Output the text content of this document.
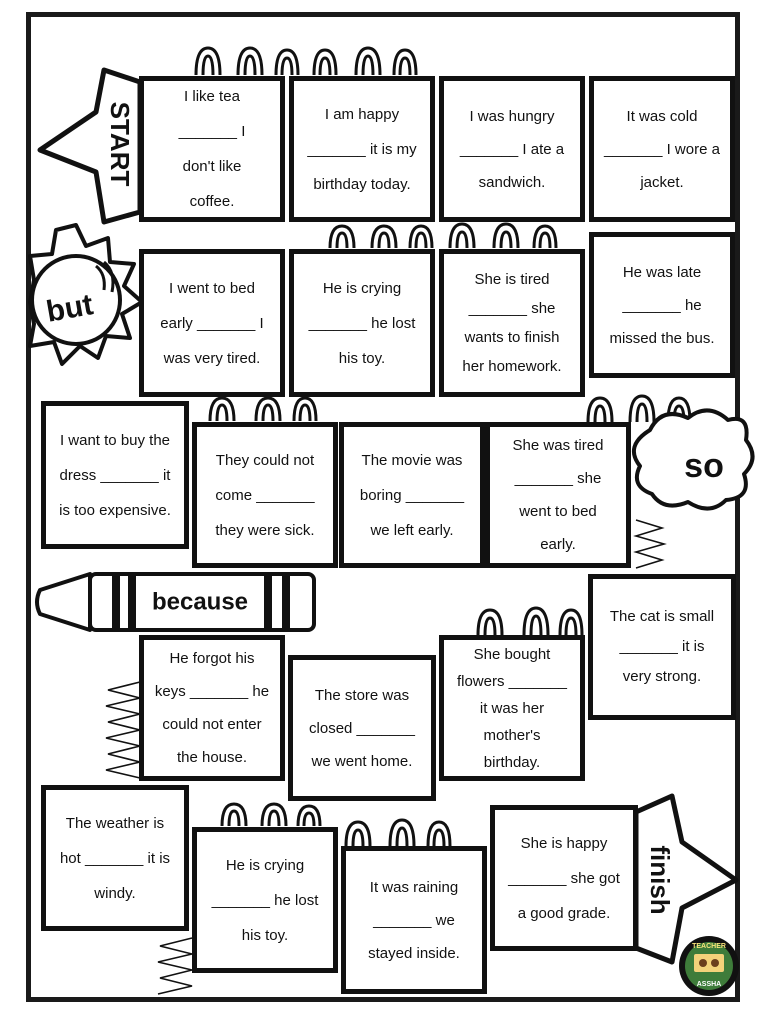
START
but
so
because
finish
TEACHER
ASSHA
I like tea
_______ I
don't like
coffee.
I am happy
_______ it is my
birthday today.
I was hungry
_______ I ate a
sandwich.
It was cold
_______ I wore a
jacket.
I went to bed
early _______ I
was very tired.
He is crying
_______ he lost
his toy.
She is tired
_______ she
wants to finish
her homework.
He was late
_______ he
missed the bus.
I want to buy the
dress _______ it
is too expensive.
They could not
come _______
they were sick.
The movie was
boring _______
we left early.
She was tired
_______ she
went to bed
early.
The cat is small
_______ it is
very strong.
He forgot his
keys _______ he
could not enter
the house.
The store was
closed _______
we went home.
She bought
flowers _______
it was her
mother's
birthday.
The weather is
hot _______ it is
windy.
He is crying
_______ he lost
his toy.
It was raining
_______ we
stayed inside.
She is happy
_______ she got
a good grade.
